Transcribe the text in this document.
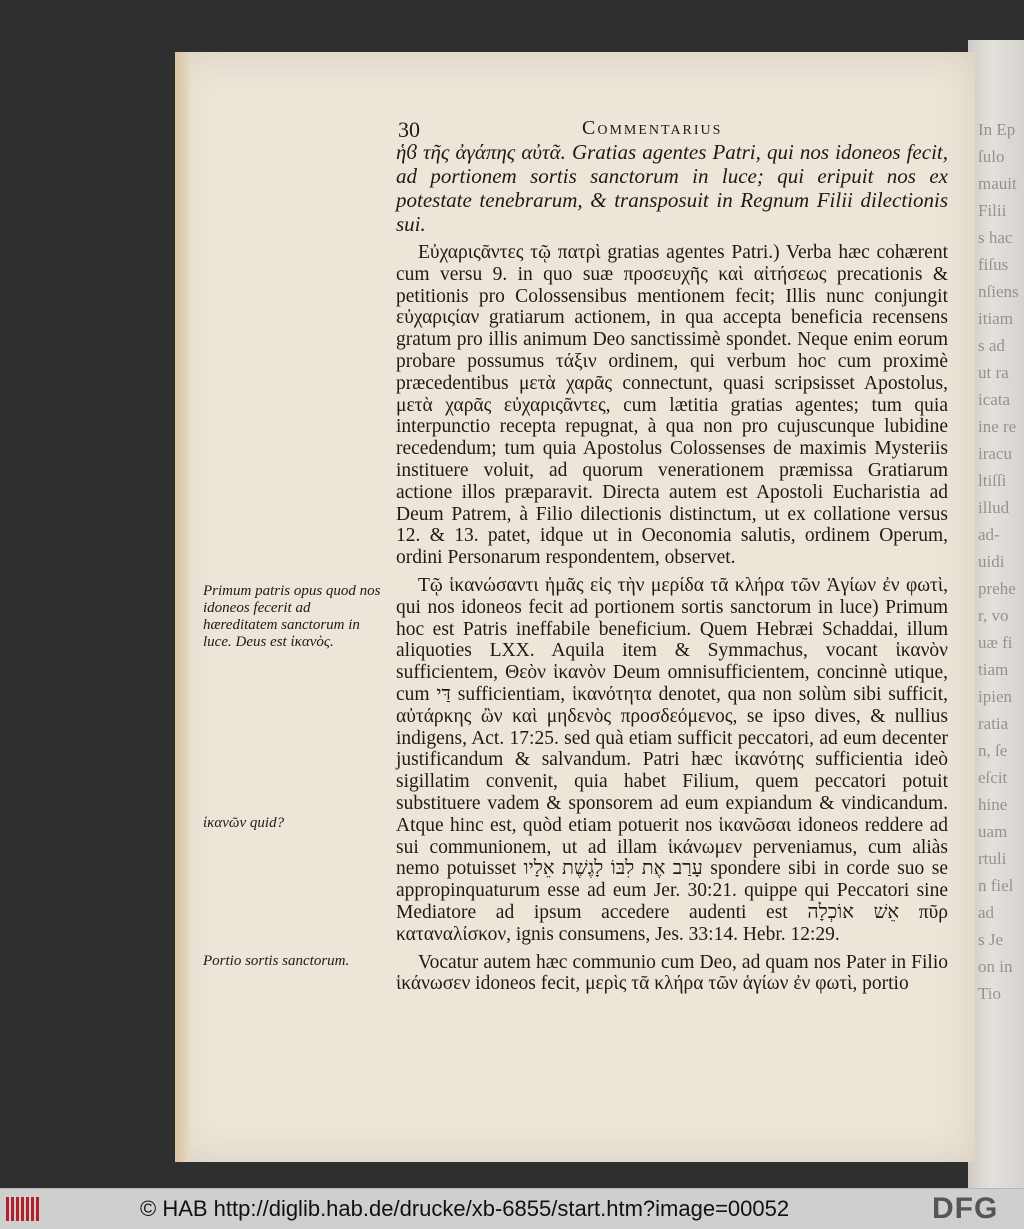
In Ep
ſulo
mauit
Filii
s hac
fiſus
nſiens
itiam
s ad
ut ra
icata
ine re
iracu
ltiſſi
illud
ad-
uidi
prehe
r, vo
uæ fi
tiam
ipien
ratia
n, ſe
eſcit
hine
uam
rtuli
n fiel
ad
s Je
on in
Tio
30	Commentarius

ἡϐ τῆς ἀγάπης αὐτᾶ. Gratias agentes Patri, qui nos idoneos fecit, ad portionem sortis sanctorum in luce; qui eripuit nos ex potestate tenebrarum, & transposuit in Regnum Filii dilectionis sui.

Εὐχαριςᾶντες τῷ πατρὶ gratias agentes Patri.) Verba hæc cohærent cum versu 9. in quo suæ προσευχῆς καὶ αἰτήσεως precationis & petitionis pro Colossensibus mentionem fecit; Illis nunc conjungit εὐχαριςίαν gratiarum actionem, in qua accepta beneficia recensens gratum pro illis animum Deo sanctissimè spondet. Neque enim eorum probare possumus τάξιν ordinem, qui verbum hoc cum proximè præcedentibus μετὰ χαρᾶς connectunt, quasi scripsisset Apostolus, μετὰ χαρᾶς εὐχαριςᾶντες, cum lætitia gratias agentes; tum quia interpunctio recepta repugnat, à qua non pro cujuscunque lubidine recedendum; tum quia Apostolus Colossenses de maximis Mysteriis instituere voluit, ad quorum venerationem præmissa Gratiarum actione illos præparavit. Directa autem est Apostoli Eucharistia ad Deum Patrem, à Filio dilectionis distinctum, ut ex collatione versus 12. & 13. patet, idque ut in Oeconomia salutis, ordinem Operum, ordini Personarum respondentem, observet.

Τῷ ἱκανώσαντι ἡμᾶς εἰς τὴν μερίδα τᾶ κλήρα τῶν Ἁγίων ἐν φωτὶ, qui nos idoneos fecit ad portionem sortis sanctorum in luce) Primum hoc est Patris ineffabile beneficium. Quem Hebræi Schaddai, illum aliquoties LXX. Aquila item & Symmachus, vocant ἱκανὸν sufficientem, Θεὸν ἱκανὸν Deum omnisufficientem, concinnè utique, cum דַּי sufficientiam, ἱκανότητα denotet, qua non solùm sibi sufficit, αὐτάρκης ὢν καὶ μηδενὸς προσδεόμενος, se ipso dives, & nullius indigens, Act. 17:25. sed quà etiam sufficit peccatori, ad eum decenter justificandum & salvandum. Patri hæc ἱκανότης sufficientia ideò sigillatim convenit, quia habet Filium, quem peccatori potuit substituere vadem & sponsorem ad eum expiandum & vindicandum. Atque hinc est, quòd etiam potuerit nos ἱκανῶσαι idoneos reddere ad sui communionem, ut ad illam ἱκάνωμεν perveniamus, cum aliàs nemo potuisset עָרַב אֶת לִבּוֹ לָגֶשֶׁת אֵלָיו spondere sibi in corde suo se appropinquaturum esse ad eum Jer. 30:21. quippe qui Peccatori sine Mediatore ad ipsum accedere audenti est אֵשׁ אוֹכְלָה πῦρ καταναλίσκον, ignis consumens, Jes. 33:14. Hebr. 12:29.

Vocatur autem hæc communio cum Deo, ad quam nos Pater in Filio ἱκάνωσεν idoneos fecit, μερὶς τᾶ κλήρα τῶν ἁγίων ἐν φωτὶ, portio

Primum patris opus quod nos idoneos fecerit ad hæreditatem sanctorum in luce. Deus est ἱκανὸς.
ἱκανῶν quid?
Portio sortis sanctorum.
© HAB http://diglib.hab.de/drucke/xb-6855/start.htm?image=00052	DFG
